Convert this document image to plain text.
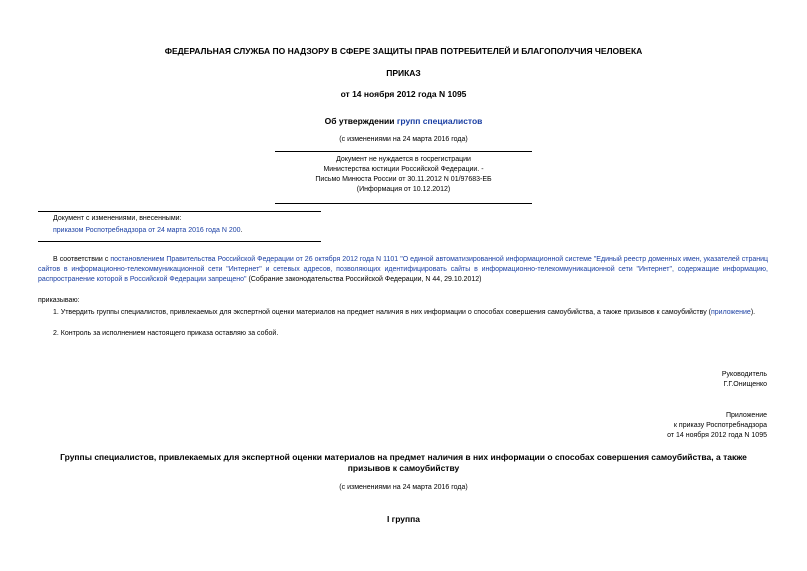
ФЕДЕРАЛЬНАЯ СЛУЖБА ПО НАДЗОРУ В СФЕРЕ ЗАЩИТЫ ПРАВ ПОТРЕБИТЕЛЕЙ И БЛАГОПОЛУЧИЯ ЧЕЛОВЕКА
ПРИКАЗ
от 14 ноября 2012 года N 1095
Об утверждении групп специалистов
(с изменениями на 24 марта 2016 года)
Документ не нуждается в госрегистрации
Министерства юстиции Российской Федерации. -
Письмо Минюста России от 30.11.2012 N 01/97683-ЕБ
(Информация от 10.12.2012)
Документ с изменениями, внесенными:
приказом Роспотребнадзора от 24 марта 2016 года N 200.
В соответствии с постановлением Правительства Российской Федерации от 26 октября 2012 года N 1101 "О единой автоматизированной информационной системе "Единый реестр доменных имен, указателей страниц сайтов в информационно-телекоммуникационной сети "Интернет" и сетевых адресов, позволяющих идентифицировать сайты в информационно-телекоммуникационной сети "Интернет", содержащие информацию, распространение которой в Российской Федерации запрещено" (Собрание законодательства Российской Федерации, N 44, 29.10.2012)
приказываю:
1. Утвердить группы специалистов, привлекаемых для экспертной оценки материалов на предмет наличия в них информации о способах совершения самоубийства, а также призывов к самоубийству (приложение).
2. Контроль за исполнением настоящего приказа оставляю за собой.
Руководитель
Г.Г.Онищенко
Приложение
к приказу Роспотребнадзора
от 14 ноября 2012 года N 1095
Группы специалистов, привлекаемых для экспертной оценки материалов на предмет наличия в них информации о способах совершения самоубийства, а также призывов к самоубийству
(с изменениями на 24 марта 2016 года)
I группа
